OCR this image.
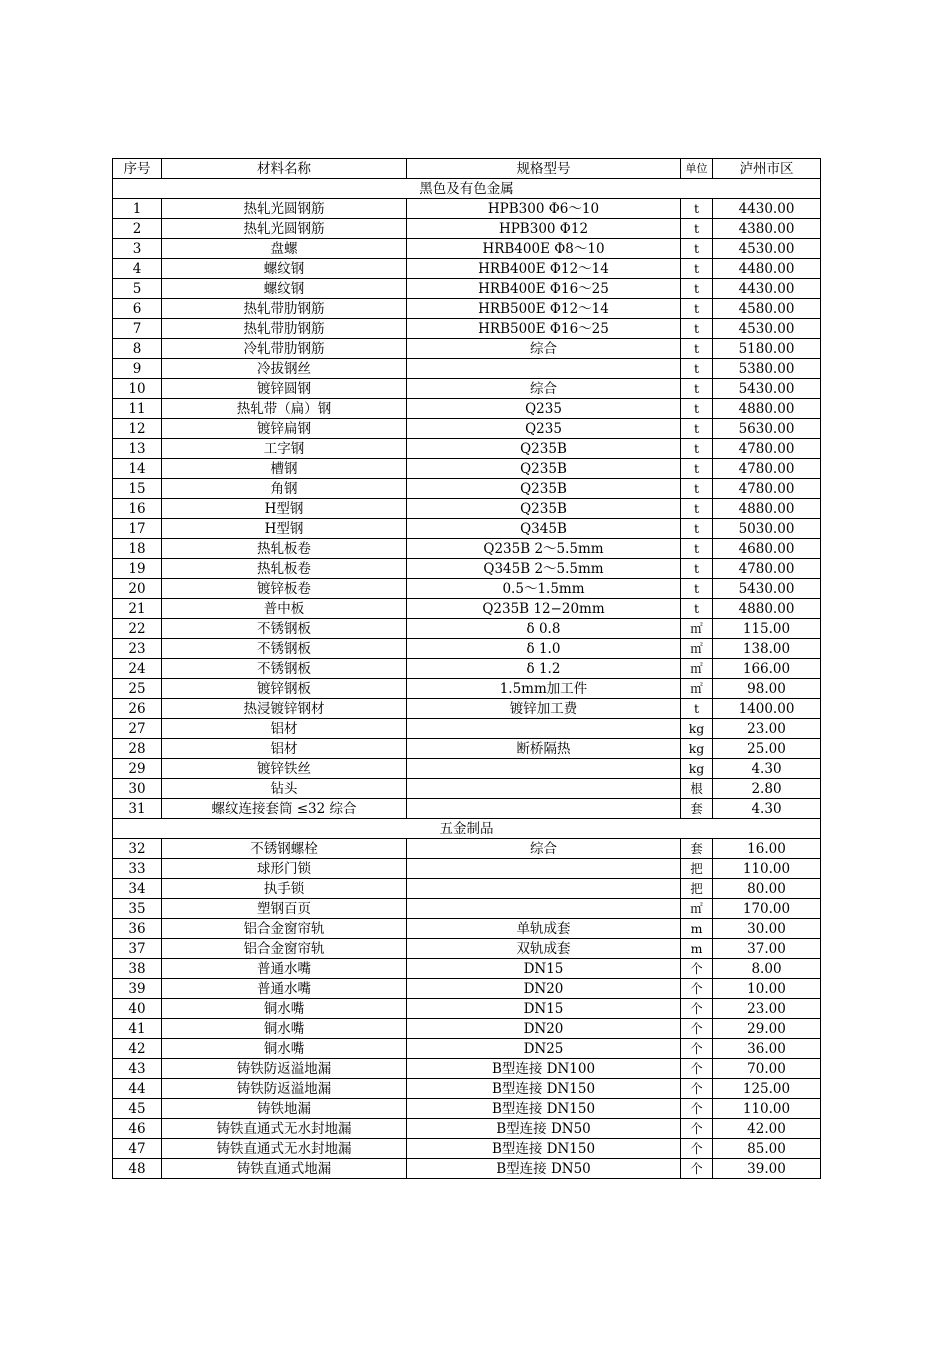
序号	材料名称	规格型号	单位	泸州市区
黑色及有色金属				
1	热轧光圆钢筋	HPB300 Φ6～10	t	4430.00
2	热轧光圆钢筋	HPB300 Φ12	t	4380.00
3	盘螺	HRB400E Φ8～10	t	4530.00
4	螺纹钢	HRB400E Φ12～14	t	4480.00
5	螺纹钢	HRB400E Φ16～25	t	4430.00
6	热轧带肋钢筋	HRB500E Φ12～14	t	4580.00
7	热轧带肋钢筋	HRB500E Φ16～25	t	4530.00
8	冷轧带肋钢筋	综合	t	5180.00
9	冷拔钢丝		t	5380.00
10	镀锌圆钢	综合	t	5430.00
11	热轧带（扁）钢	Q235	t	4880.00
12	镀锌扁钢	Q235	t	5630.00
13	工字钢	Q235B	t	4780.00
14	槽钢	Q235B	t	4780.00
15	角钢	Q235B	t	4780.00
16	H型钢	Q235B	t	4880.00
17	H型钢	Q345B	t	5030.00
18	热轧板卷	Q235B 2～5.5mm	t	4680.00
19	热轧板卷	Q345B 2～5.5mm	t	4780.00
20	镀锌板卷	0.5～1.5mm	t	5430.00
21	普中板	Q235B 12−20mm	t	4880.00
22	不锈钢板	δ 0.8	㎡	115.00
23	不锈钢板	δ 1.0	㎡	138.00
24	不锈钢板	δ 1.2	㎡	166.00
25	镀锌钢板	1.5mm加工件	㎡	98.00
26	热浸镀锌钢材	镀锌加工费	t	1400.00
27	铝材		kg	23.00
28	铝材	断桥隔热	kg	25.00
29	镀锌铁丝		kg	4.30
30	钻头		根	2.80
31	螺纹连接套筒 ≤32 综合		套	4.30
五金制品				
32	不锈钢螺栓	综合	套	16.00
33	球形门锁		把	110.00
34	执手锁		把	80.00
35	塑钢百页		㎡	170.00
36	铝合金窗帘轨	单轨成套	m	30.00
37	铝合金窗帘轨	双轨成套	m	37.00
38	普通水嘴	DN15	个	8.00
39	普通水嘴	DN20	个	10.00
40	铜水嘴	DN15	个	23.00
41	铜水嘴	DN20	个	29.00
42	铜水嘴	DN25	个	36.00
43	铸铁防返溢地漏	B型连接 DN100	个	70.00
44	铸铁防返溢地漏	B型连接 DN150	个	125.00
45	铸铁地漏	B型连接 DN150	个	110.00
46	铸铁直通式无水封地漏	B型连接 DN50	个	42.00
47	铸铁直通式无水封地漏	B型连接 DN150	个	85.00
48	铸铁直通式地漏	B型连接 DN50	个	39.00
